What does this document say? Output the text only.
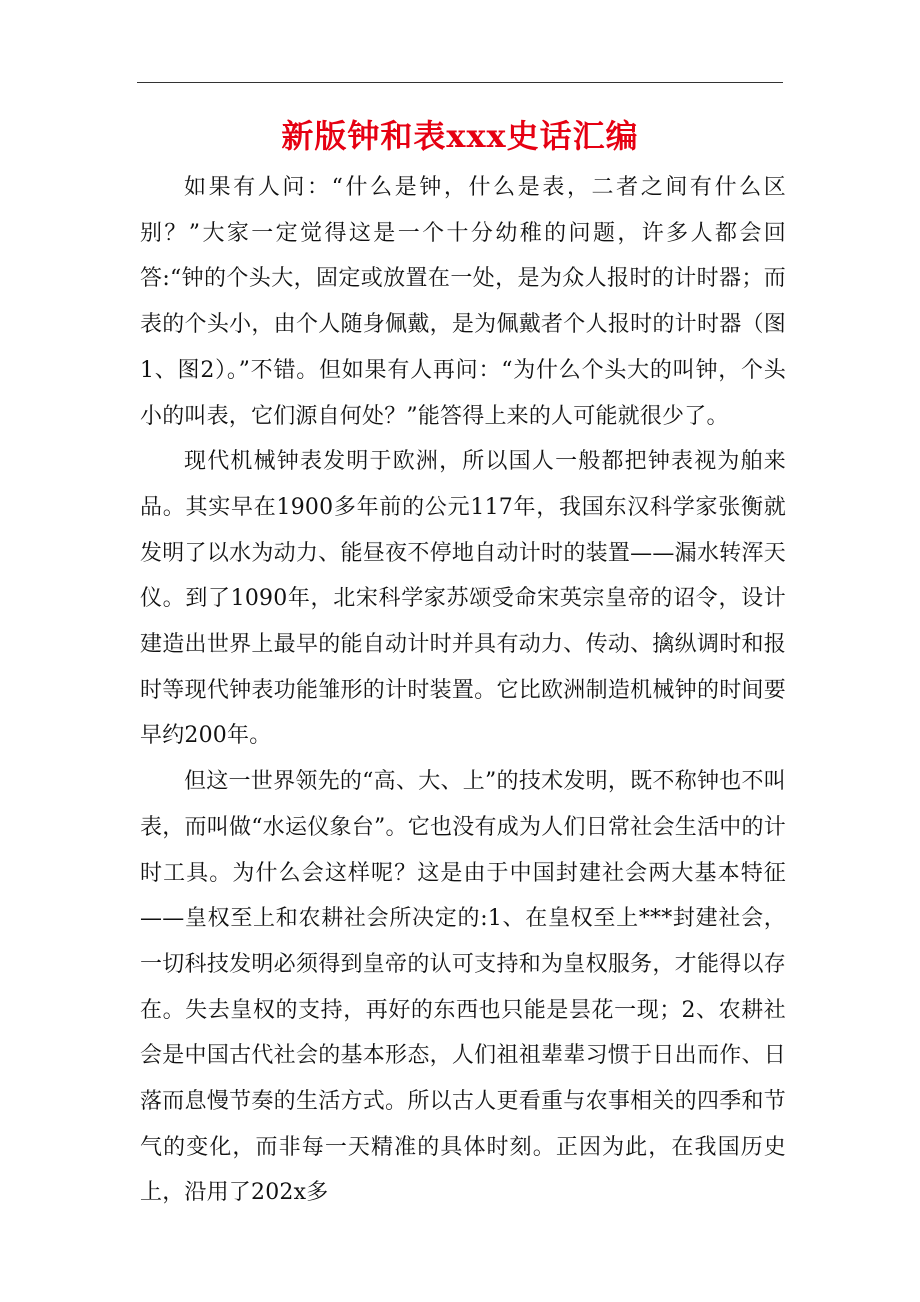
新版钟和表xxx史话汇编

如果有人问：“什么是钟，什么是表，二者之间有什么区别？”大家一定觉得这是一个十分幼稚的问题，许多人都会回答:“钟的个头大，固定或放置在一处，是为众人报时的计时器；而表的个头小，由个人随身佩戴，是为佩戴者个人报时的计时器（图1、图2）。”不错。但如果有人再问：“为什么个头大的叫钟，个头小的叫表，它们源自何处？”能答得上来的人可能就很少了。

现代机械钟表发明于欧洲，所以国人一般都把钟表视为舶来品。其实早在1900多年前的公元117年，我国东汉科学家张衡就发明了以水为动力、能昼夜不停地自动计时的装置——漏水转浑天仪。到了1090年，北宋科学家苏颂受命宋英宗皇帝的诏令，设计建造出世界上最早的能自动计时并具有动力、传动、擒纵调时和报时等现代钟表功能雏形的计时装置。它比欧洲制造机械钟的时间要早约200年。

但这一世界领先的“高、大、上”的技术发明，既不称钟也不叫表，而叫做“水运仪象台”。它也没有成为人们日常社会生活中的计时工具。为什么会这样呢？这是由于中国封建社会两大基本特征——皇权至上和农耕社会所决定的:1、在皇权至上***封建社会，一切科技发明必须得到皇帝的认可支持和为皇权服务，才能得以存在。失去皇权的支持，再好的东西也只能是昙花一现；2、农耕社会是中国古代社会的基本形态，人们祖祖辈辈习惯于日出而作、日落而息慢节奏的生活方式。所以古人更看重与农事相关的四季和节气的变化，而非每一天精准的具体时刻。正因为此，在我国历史上，沿用了202x多
